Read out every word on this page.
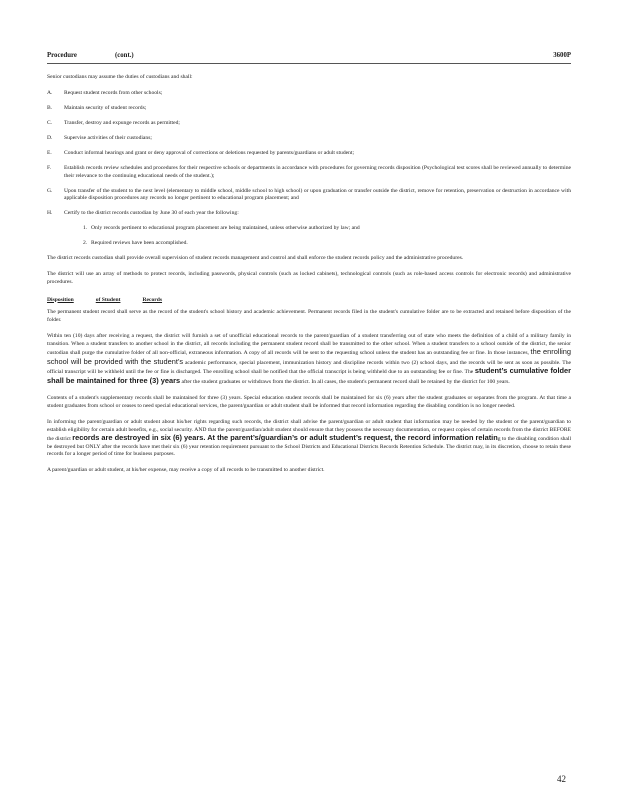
Procedure	(cont.)	3600P

Senior custodians may assume the duties of custodians and shall:

A. Request student records from other schools;
B. Maintain security of student records;
C. Transfer, destroy and expunge records as permitted;
D. Supervise activities of their custodians;
E. Conduct informal hearings and grant or deny approval of corrections or deletions requested by parents/guardians or adult student;
F. Establish records review schedules and procedures for their respective schools or departments in accordance with procedures for governing records disposition (Psychological test scores shall be reviewed annually to determine their relevance to the continuing educational needs of the student.);
G. Upon transfer of the student to the next level (elementary to middle school, middle school to high school) or upon graduation or transfer outside the district, remove for retention, preservation or destruction in accordance with applicable disposition procedures any records no longer pertinent to educational program placement; and
H. Certify to the district records custodian by June 30 of each year the following:
1. Only records pertinent to educational program placement are being maintained, unless otherwise authorized by law; and
2. Required reviews have been accomplished.

The district records custodian shall provide overall supervision of student records management and control and shall enforce the student records policy and the administrative procedures.

The district will use an array of methods to protect records, including passwords, physical controls (such as locked cabinets), technological controls (such as role-based access controls for electronic records) and administrative procedures.

Disposition	of Student	Records

The permanent student record shall serve as the record of the student's school history and academic achievement. Permanent records filed in the student's cumulative folder are to be extracted and retained before disposition of the folder.

Within ten (10) days after receiving a request, the district will furnish a set of unofficial educational records to the parent/guardian of a student transferring out of state who meets the definition of a child of a military family in transition. When a student transfers to another school in the district, all records including the permanent student record shall be transmitted to the other school. When a student transfers to a school outside of the district, the senior custodian shall purge the cumulative folder of all non-official, extraneous information. A copy of all records will be sent to the requesting school unless the student has an outstanding fee or fine. In those instances, the enrolling school will be provided with the student’s academic performance, special placement, immunization history and discipline records within two (2) school days, and the records will be sent as soon as possible. The official transcript will be withheld until the fee or fine is discharged. The enrolling school shall be notified that the official transcript is being withheld due to an outstanding fee or fine. The student’s cumulative folder shall be maintained for three (3) years after the student graduates or withdraws from the district. In all cases, the student's permanent record shall be retained by the district for 100 years.

Contents of a student's supplementary records shall be maintained for three (3) years. Special education student records shall be maintained for six (6) years after the student graduates or separates from the program. At that time a student graduates from school or ceases to need special educational services, the parent/guardian or adult student shall be informed that record information regarding the disabling condition is no longer needed.

In informing the parent/guardian or adult student about his/her rights regarding such records, the district shall advise the parent/guardian or adult student that information may be needed by the student or the parent/guardian to establish eligibility for certain adult benefits, e.g., social security. AND that the parent/guardian/adult student should ensure that they possess the necessary documentation, or request copies of certain records from the district BEFORE the district records are destroyed in six (6) years. At the parent’s/guardian’s or adult student’s request, the record information relating to the disabling condition shall be destroyed but ONLY after the records have met their six (6) year retention requirement pursuant to the School Districts and Educational Districts Records Retention Schedule. The district may, in its discretion, choose to retain these records for a longer period of time for business purposes.

A parent/guardian or adult student, at his/her expense, may receive a copy of all records to be transmitted to another district.

42
